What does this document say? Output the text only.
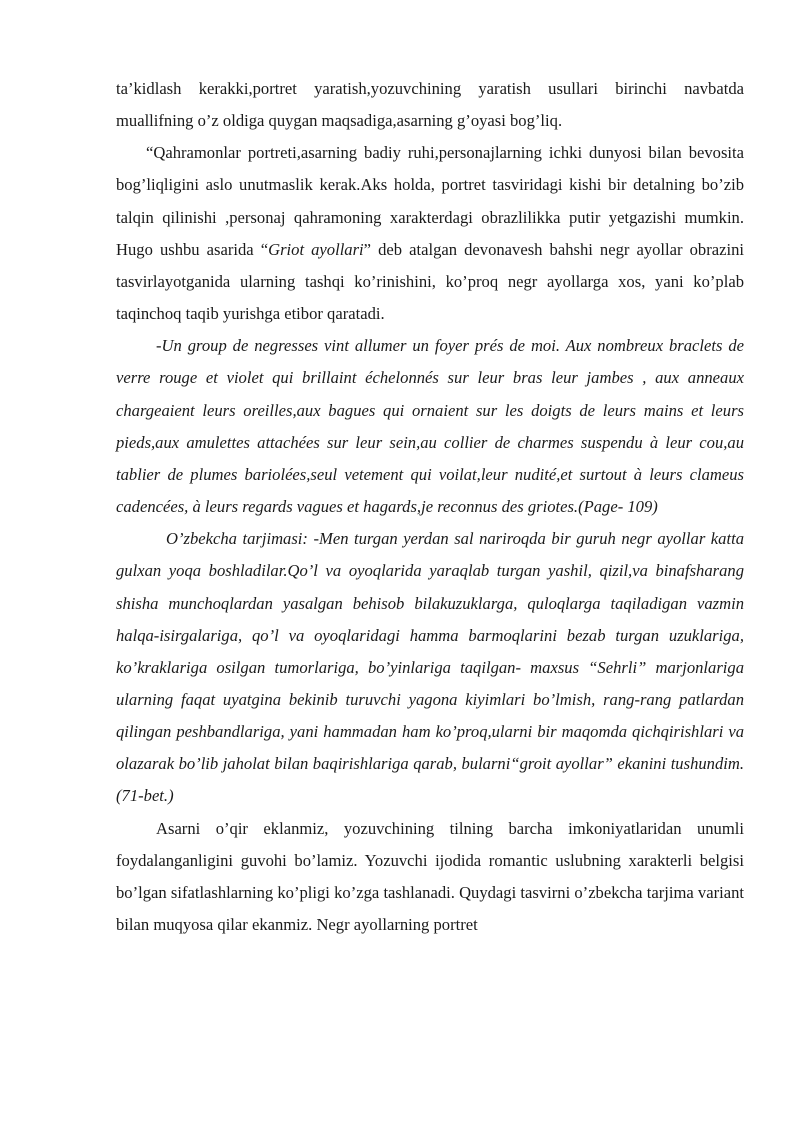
ta’kidlash kerakki,portret yaratish,yozuvchining yaratish usullari birinchi navbatda muallifning o’z oldiga quygan maqsadiga,asarning g’oyasi bog’liq.

“Qahramonlar portreti,asarning badiy ruhi,personajlarning ichki dunyosi bilan bevosita bog’liqligini aslo unutmaslik kerak.Aks holda, portret tasviridagi kishi bir detalning bo’zib talqin qilinishi ,personaj qahramoning xarakterdagi obrazlilikka putir yetgazishi mumkin. Hugo ushbu asarida “Griot ayollari” deb atalgan devonavesh bahshi negr ayollar obrazini tasvirlayotganida ularning tashqi ko’rinishini, ko’proq negr ayollarga xos, yani ko’plab taqinchoq taqib yurishga etibor qaratadi.

-Un group de negresses vint allumer un foyer prés de moi. Aux nombreux braclets de verre rouge et violet qui brillaint échelonnés sur leur bras leur jambes , aux anneaux chargeaient leurs oreilles,aux bagues qui ornaient sur les doigts de leurs mains et leurs pieds,aux amulettes attachées sur leur sein,au collier de charmes suspendu à leur cou,au tablier de plumes bariolées,seul vetement qui voilat,leur nudité,et surtout à leurs clameus cadencées, à leurs regards vagues et hagards,je reconnus des griotes.(Page- 109)

O’zbekcha tarjimasi: -Men turgan yerdan sal nariroqda bir guruh negr ayollar katta gulxan yoqa boshladilar.Qo’l va oyoqlarida yaraqlab turgan yashil, qizil,va binafsharang shisha munchoqlardan yasalgan behisob bilakuzuklarga, quloqlarga taqiladigan vazmin halqa-isirgalariga, qo’l va oyoqlaridagi hamma barmoqlarini bezab turgan uzuklariga, ko’kraklariga osilgan tumorlariga, bo’yinlariga taqilgan- maxsus “Sehrli” marjonlariga ularning faqat uyatgina bekinib turuvchi yagona kiyimlari bo’lmish, rang-rang patlardan qilingan peshbandlariga, yani hammadan ham ko’proq,ularni bir maqomda qichqirishlari va olazarak bo’lib jaholat bilan baqirishlariga qarab, bularni“groit ayollar” ekanini tushundim.(71-bet.)

Asarni o’qir eklanmiz, yozuvchining tilning barcha imkoniyatlaridan unumli foydalanganligini guvohi bo’lamiz. Yozuvchi ijodida romantic uslubning xarakterli belgisi bo’lgan sifatlashlarning ko’pligi ko’zga tashlanadi. Quydagi tasvirni o’zbekcha tarjima variant bilan muqyosa qilar ekanmiz. Negr ayollarning portret
